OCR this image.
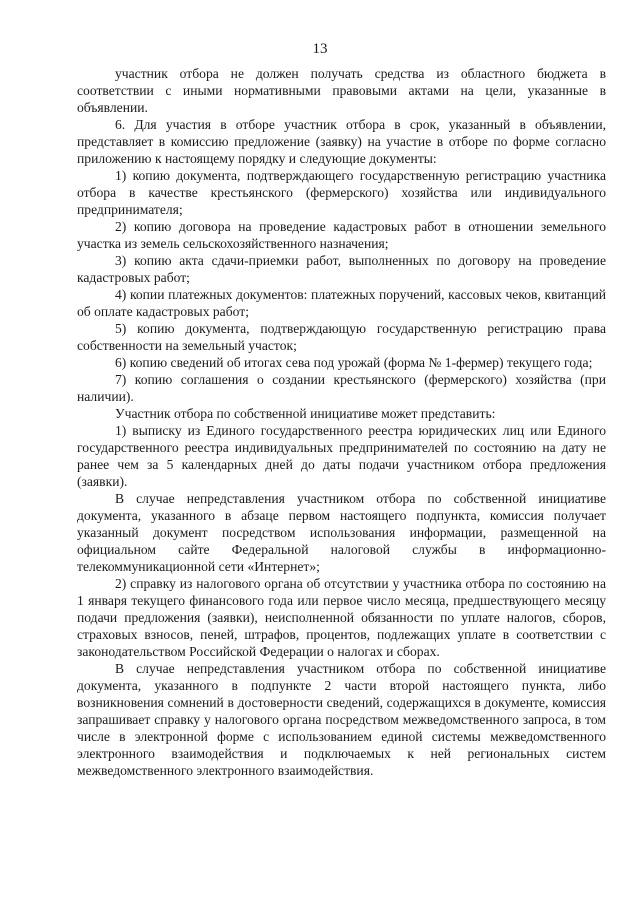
13

участник отбора не должен получать средства из областного бюджета в соответствии с иными нормативными правовыми актами на цели, указанные в объявлении.

6. Для участия в отборе участник отбора в срок, указанный в объявлении, представляет в комиссию предложение (заявку) на участие в отборе по форме согласно приложению к настоящему порядку и следующие документы:

1) копию документа, подтверждающего государственную регистрацию участника отбора в качестве крестьянского (фермерского) хозяйства или индивидуального предпринимателя;

2) копию договора на проведение кадастровых работ в отношении земельного участка из земель сельскохозяйственного назначения;

3) копию акта сдачи-приемки работ, выполненных по договору на проведение кадастровых работ;

4) копии платежных документов: платежных поручений, кассовых чеков, квитанций об оплате кадастровых работ;

5) копию документа, подтверждающую государственную регистрацию права собственности на земельный участок;

6) копию сведений об итогах сева под урожай (форма № 1-фермер) текущего года;

7) копию соглашения о создании крестьянского (фермерского) хозяйства (при наличии).

Участник отбора по собственной инициативе может представить:

1) выписку из Единого государственного реестра юридических лиц или Единого государственного реестра индивидуальных предпринимателей по состоянию на дату не ранее чем за 5 календарных дней до даты подачи участником отбора предложения (заявки).

В случае непредставления участником отбора по собственной инициативе документа, указанного в абзаце первом настоящего подпункта, комиссия получает указанный документ посредством использования информации, размещенной на официальном сайте Федеральной налоговой службы в информационно-телекоммуникационной сети «Интернет»;

2) справку из налогового органа об отсутствии у участника отбора по состоянию на 1 января текущего финансового года или первое число месяца, предшествующего месяцу подачи предложения (заявки), неисполненной обязанности по уплате налогов, сборов, страховых взносов, пеней, штрафов, процентов, подлежащих уплате в соответствии с законодательством Российской Федерации о налогах и сборах.

В случае непредставления участником отбора по собственной инициативе документа, указанного в подпункте 2 части второй настоящего пункта, либо возникновения сомнений в достоверности сведений, содержащихся в документе, комиссия запрашивает справку у налогового органа посредством межведомственного запроса, в том числе в электронной форме с использованием единой системы межведомственного электронного взаимодействия и подключаемых к ней региональных систем межведомственного электронного взаимодействия.
